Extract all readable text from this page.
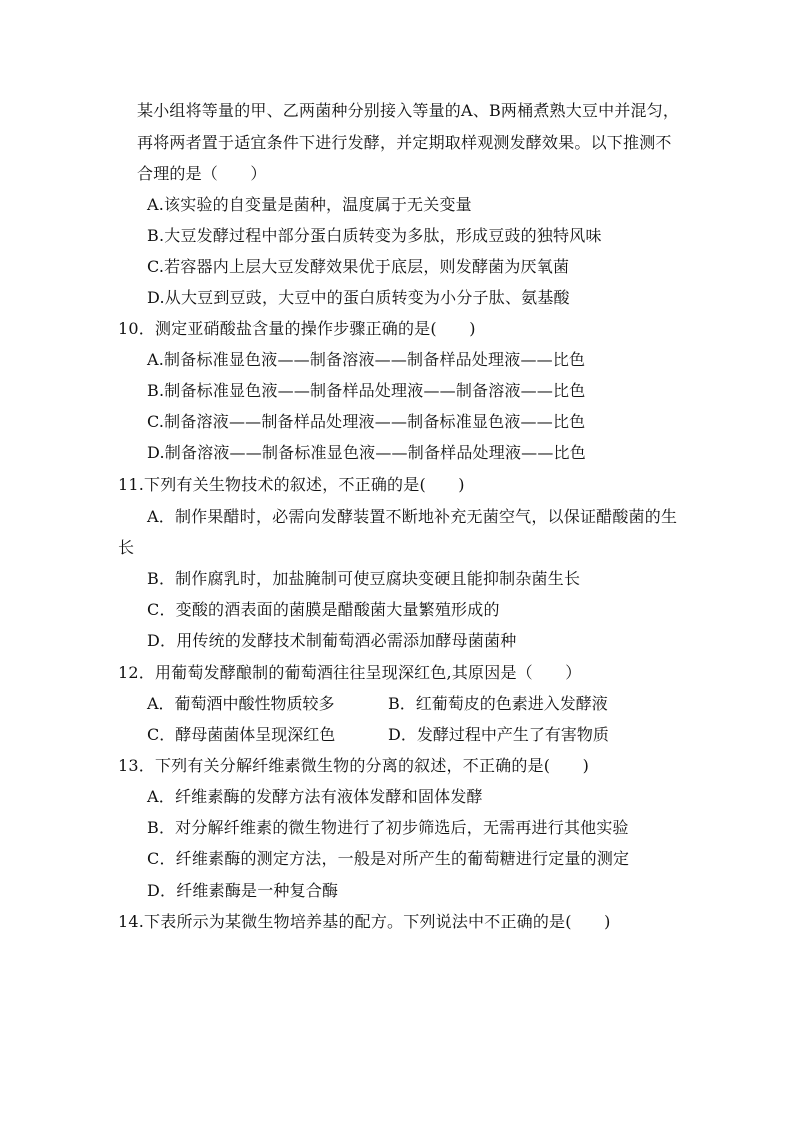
某小组将等量的甲、乙两菌种分别接入等量的A、B两桶煮熟大豆中并混匀，
再将两者置于适宜条件下进行发酵，并定期取样观测发酵效果。以下推测不
合理的是（　　）
A.该实验的自变量是菌种，温度属于无关变量
B.大豆发酵过程中部分蛋白质转变为多肽，形成豆豉的独特风味
C.若容器内上层大豆发酵效果优于底层，则发酵菌为厌氧菌
D.从大豆到豆豉，大豆中的蛋白质转变为小分子肽、氨基酸
10．测定亚硝酸盐含量的操作步骤正确的是(　　)
A.制备标准显色液——制备溶液——制备样品处理液——比色
B.制备标准显色液——制备样品处理液——制备溶液——比色
C.制备溶液——制备样品处理液——制备标准显色液——比色
D.制备溶液——制备标准显色液——制备样品处理液——比色
11.下列有关生物技术的叙述，不正确的是(　　)
A．制作果醋时，必需向发酵装置不断地补充无菌空气，以保证醋酸菌的生
长
B．制作腐乳时，加盐腌制可使豆腐块变硬且能抑制杂菌生长
C．变酸的酒表面的菌膜是醋酸菌大量繁殖形成的
D．用传统的发酵技术制葡萄酒必需添加酵母菌菌种
12．用葡萄发酵酿制的葡萄酒往往呈现深红色,其原因是（　　）
A．葡萄酒中酸性物质较多	B．红葡萄皮的色素进入发酵液
C．酵母菌菌体呈现深红色	D．发酵过程中产生了有害物质
13．下列有关分解纤维素微生物的分离的叙述，不正确的是(　　)
A．纤维素酶的发酵方法有液体发酵和固体发酵
B．对分解纤维素的微生物进行了初步筛选后，无需再进行其他实验
C．纤维素酶的测定方法，一般是对所产生的葡萄糖进行定量的测定
D．纤维素酶是一种复合酶
14.下表所示为某微生物培养基的配方。下列说法中不正确的是(　　)
